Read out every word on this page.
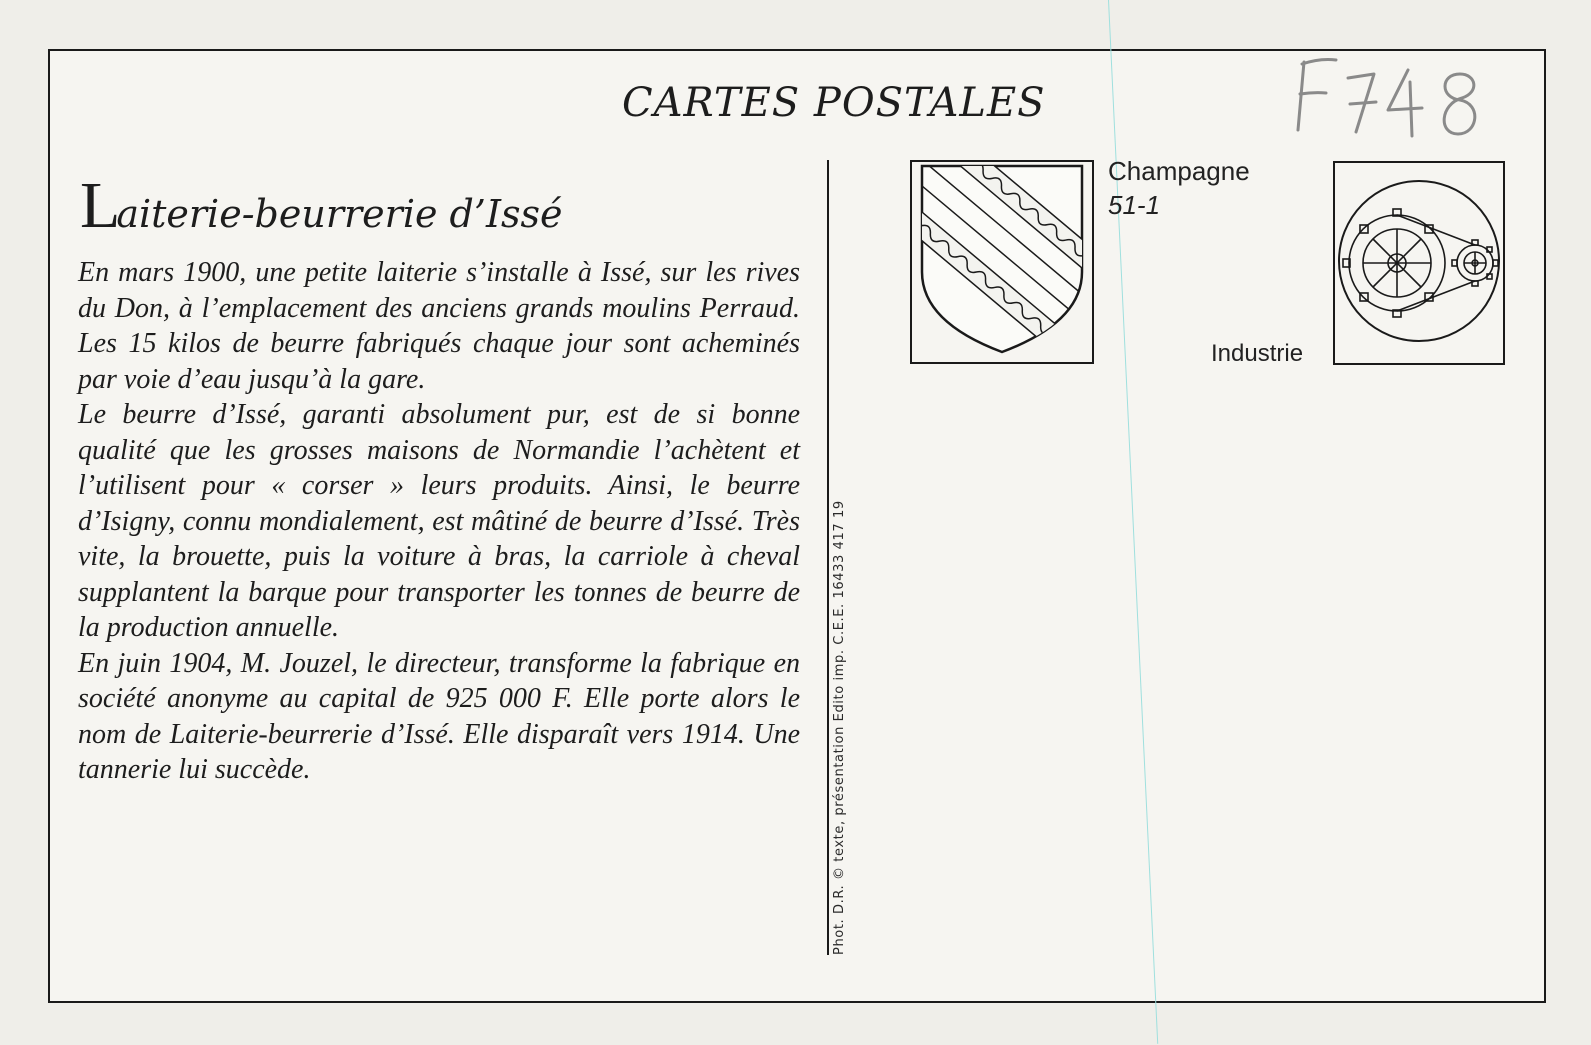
CARTES POSTALES
Laiterie-beurrerie d’Issé

En mars 1900, une petite laiterie s’installe à Issé, sur les rives du Don, à l’emplacement des anciens grands moulins Perraud. Les 15 kilos de beurre fabriqués chaque jour sont acheminés par voie d’eau jusqu’à la gare.

Le beurre d’Issé, garanti absolument pur, est de si bonne qualité que les grosses maisons de Normandie l’achètent et l’utilisent pour « corser » leurs produits. Ainsi, le beurre d’Isigny, connu mondialement, est mâtiné de beurre d’Issé. Très vite, la brouette, puis la voiture à bras, la carriole à cheval supplantent la barque pour transporter les tonnes de beurre de la production annuelle.

En juin 1904, M. Jouzel, le directeur, transforme la fabrique en société anonyme au capital de 925 000 F. Elle porte alors le nom de Laiterie-beurrerie d’Issé. Elle disparaît vers 1914. Une tannerie lui succède.	Phot. D.R. © texte, présentation Edito imp. C.E.E. 16433 417 19
Champagne
51-1
Industrie
